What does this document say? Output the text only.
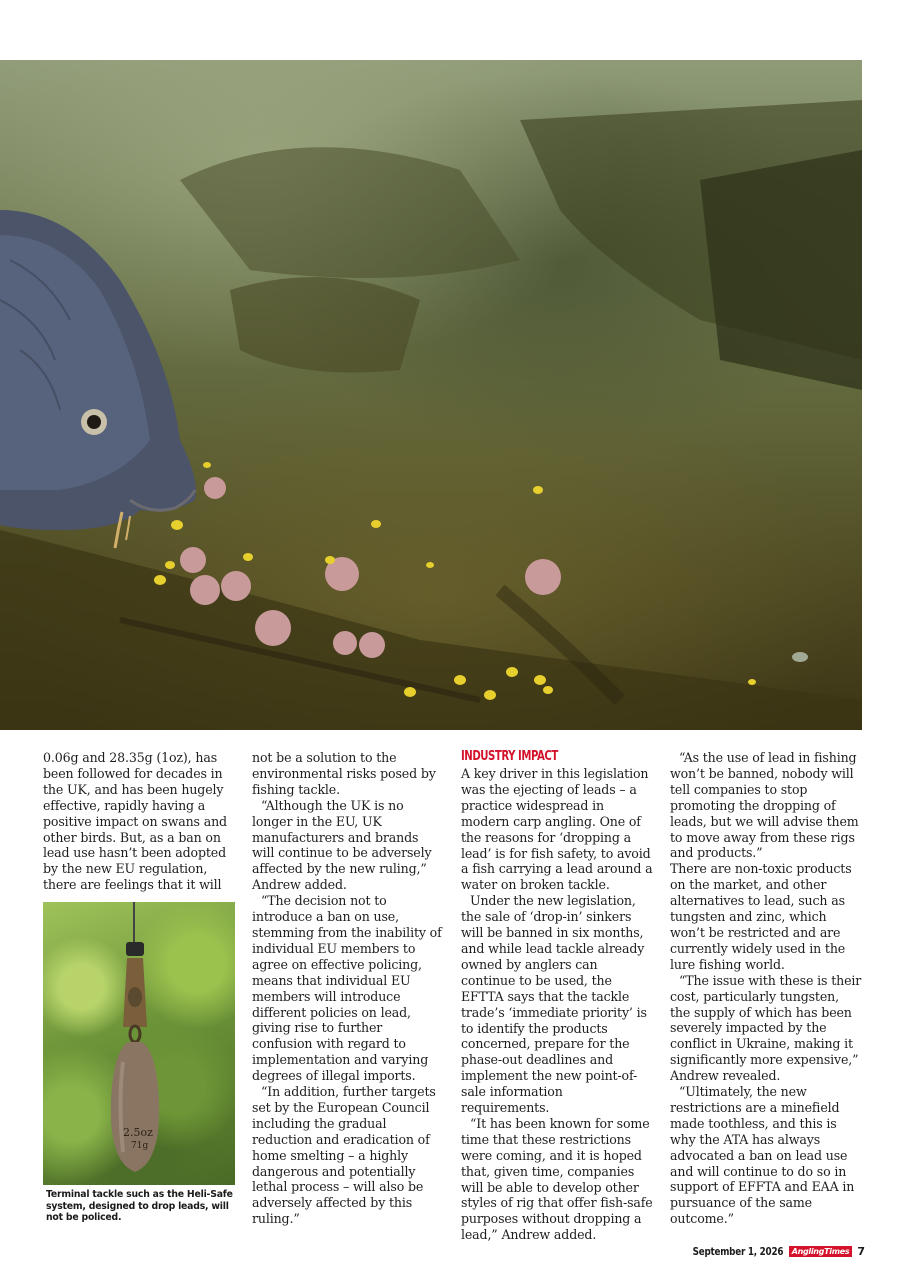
0.06g and 28.35g (1oz), has been followed for decades in the UK, and has been hugely effective, rapidly having a positive impact on swans and other birds. But, as a ban on lead use hasn’t been adopted by the new EU regulation, there are feelings that it will

2.5oz
71g
Terminal tackle such as the Heli-Safe system, designed to drop leads, will not be policed.

not be a solution to the environmental risks posed by fishing tackle.

“Although the UK is no longer in the EU, UK manufacturers and brands will continue to be adversely affected by the new ruling,” Andrew added.

“The decision not to introduce a ban on use, stemming from the inability of individual EU members to agree on effective policing, means that individual EU members will introduce different policies on lead, giving rise to further confusion with regard to implementation and varying degrees of illegal imports.

“In addition, further targets set by the European Council including the gradual reduction and eradication of home smelting – a highly dangerous and potentially lethal process – will also be adversely affected by this ruling.”

INDUSTRY IMPACT

A key driver in this legislation was the ejecting of leads – a practice widespread in modern carp angling. One of the reasons for ‘dropping a lead’ is for fish safety, to avoid a fish carrying a lead around a water on broken tackle.

Under the new legislation, the sale of ‘drop-in’ sinkers will be banned in six months, and while lead tackle already owned by anglers can continue to be used, the EFTTA says that the tackle trade’s ‘immediate priority’ is to identify the products concerned, prepare for the phase-out deadlines and implement the new point-of-sale information requirements.

“It has been known for some time that these restrictions were coming, and it is hoped that, given time, companies will be able to develop other styles of rig that offer fish-safe purposes without dropping a lead,” Andrew added.

“As the use of lead in fishing won’t be banned, nobody will tell companies to stop promoting the dropping of leads, but we will advise them to move away from these rigs and products.”

There are non-toxic products on the market, and other alternatives to lead, such as tungsten and zinc, which won’t be restricted and are currently widely used in the lure fishing world.

“The issue with these is their cost, particularly tungsten, the supply of which has been severely impacted by the conflict in Ukraine, making it significantly more expensive,” Andrew revealed.

“Ultimately, the new restrictions are a minefield made toothless, and this is why the ATA has always advocated a ban on lead use and will continue to do so in support of EFFTA and EAA in pursuance of the same outcome.”

September 1, 2026	AnglingTimes 7
